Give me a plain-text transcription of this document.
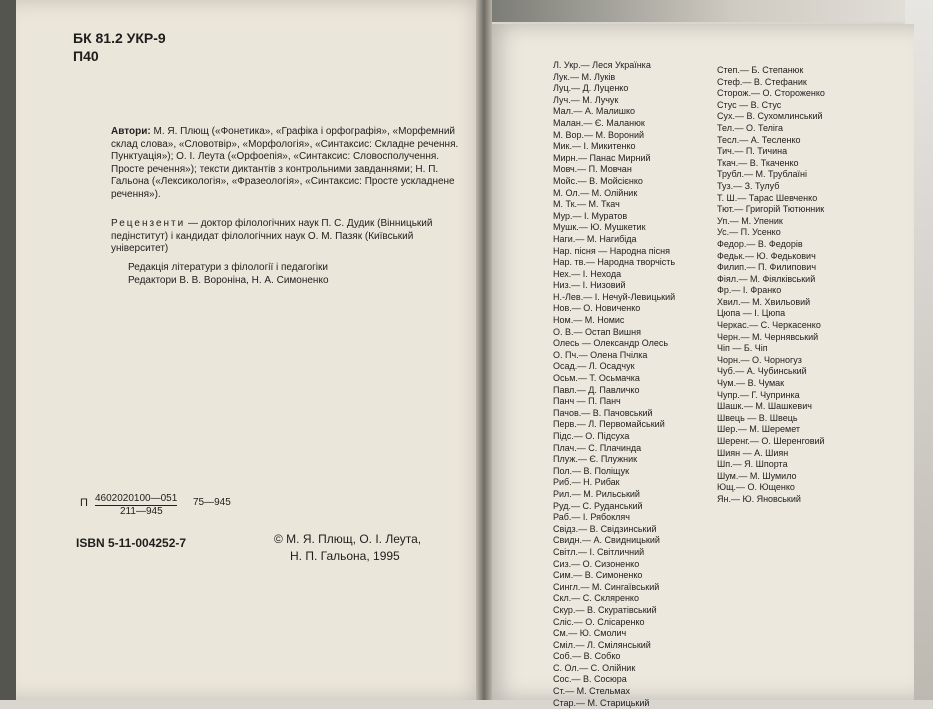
БК 81.2 УКР-9
П40
Автори: М. Я. Плющ («Фонетика», «Графіка і орфографія», «Морфемний склад слова», «Словотвір», «Морфологія», «Синтаксис: Складне речення. Пунктуація»); О. І. Леута («Орфоепія», «Синтаксис: Словосполучення. Просте речення»); тексти диктантів з контрольними завданнями; Н. П. Гальона («Лексикологія», «Фразеологія», «Синтаксис: Просте ускладнене речення»).
Рецензенти — доктор філологічних наук П. С. Дудик (Вінницький педінститут) і кандидат філологічних наук О. М. Пазяк (Київський університет)
Редакція літератури з філології і педагогіки
Редактори В. В. Вороніна, Н. А. Симоненко
П 4602020100—051
211—945
75—945
ISBN 5-11-004252-7	© М. Я. Плющ, О. І. Леута,
Н. П. Гальона, 1995
Л. Укр.— Леся Українка
Лук.— М. Луків
Луц.— Д. Луценко
Луч.— М. Лучук
Мал.— А. Малишко
Малан.— Є. Маланюк
М. Вор.— М. Вороний
Мик.— І. Микитенко
Мирн.— Панас Мирний
Мовч.— П. Мовчан
Мойс.— В. Мойсієнко
М. Ол.— М. Олійник
М. Тк.— М. Ткач
Мур.— І. Муратов
Мушк.— Ю. Мушкетик
Наги.— М. Нагибіда
Нар. пісня — Народна пісня
Нар. тв.— Народна творчість
Нех.— І. Нехода
Низ.— І. Низовий
Н.-Лев.— І. Нечуй-Левицький
Нов.— О. Новиченко
Ном.— М. Номис
О. В.— Остап Вишня
Олесь — Олександр Олесь
О. Пч.— Олена Пчілка
Осад.— Л. Осадчук
Осьм.— Т. Осьмачка
Павл.— Д. Павличко
Панч — П. Панч
Пачов.— В. Пачовський
Перв.— Л. Первомайський
Підс.— О. Підсуха
Плач.— С. Плачинда
Плуж.— Є. Плужник
Пол.— В. Поліщук
Риб.— Н. Рибак
Рил.— М. Рильський
Руд.— С. Руданський
Раб.— І. Рябокляч
Свідз.— В. Свідзинський
Свидн.— А. Свидницький
Світл.— І. Світличний
Сиз.— О. Сизоненко
Сим.— В. Симоненко
Сингл.— М. Сингаївський
Скл.— С. Скляренко
Скур.— В. Скуратівський
Сліс.— О. Слісаренко
См.— Ю. Смолич
Сміл.— Л. Смілянський
Соб.— В. Собко
С. Ол.— С. Олійник
Сос.— В. Сосюра
Ст.— М. Стельмах
Стар.— М. Старицький
Степ.— Б. Степанюк
Стеф.— В. Стефаник
Сторож.— О. Стороженко
Стус — В. Стус
Сух.— В. Сухомлинський
Тел.— О. Теліга
Тесл.— А. Тесленко
Тич.— П. Тичина
Ткач.— В. Ткаченко
Трубл.— М. Трублаїні
Туз.— З. Тулуб
Т. Ш.— Тарас Шевченко
Тют.— Григорій Тютюнник
Уп.— М. Упеник
Ус.— П. Усенко
Федор.— В. Федорів
Федьк.— Ю. Федькович
Филип.— П. Филипович
Фіял.— М. Фіялківський
Фр.— І. Франко
Хвил.— М. Хвильовий
Цюпа — І. Цюпа
Черкас.— С. Черкасенко
Черн.— М. Чернявський
Чіп — Б. Чіп
Чорн.— О. Чорногуз
Чуб.— А. Чубинський
Чум.— В. Чумак
Чупр.— Г. Чупринка
Шашк.— М. Шашкевич
Швець — В. Швець
Шер.— М. Шеремет
Шеренг.— О. Шеренговий
Шиян — А. Шиян
Шп.— Я. Шпорта
Шум.— М. Шумило
Ющ.— О. Ющенко
Ян.— Ю. Яновський
